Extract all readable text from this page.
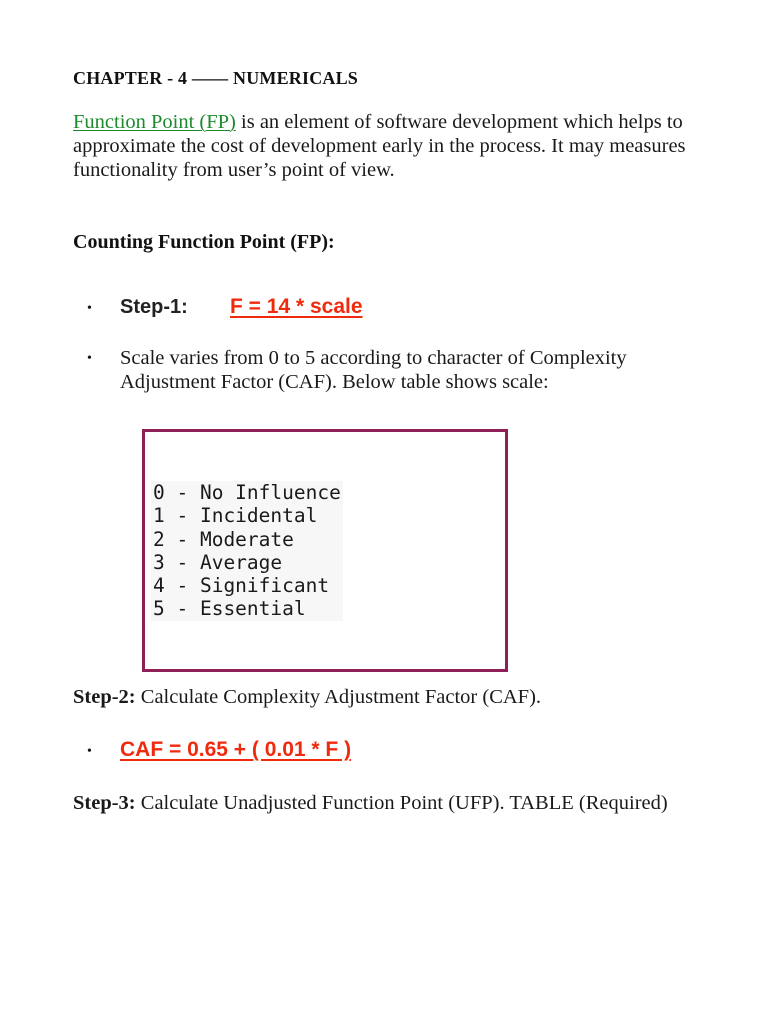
CHAPTER - 4 —— NUMERICALS
Function Point (FP) is an element of software development which helps to approximate the cost of development early in the process. It may measures functionality from user’s point of view.
Counting Function Point (FP):
• Step-1: F = 14 * scale
• Scale varies from 0 to 5 according to character of Complexity Adjustment Factor (CAF). Below table shows scale:
0 - No Influence
1 - Incidental
2 - Moderate
3 - Average
4 - Significant
5 - Essential
Step-2: Calculate Complexity Adjustment Factor (CAF).
• CAF = 0.65 + ( 0.01 * F )
Step-3: Calculate Unadjusted Function Point (UFP). TABLE (Required)
